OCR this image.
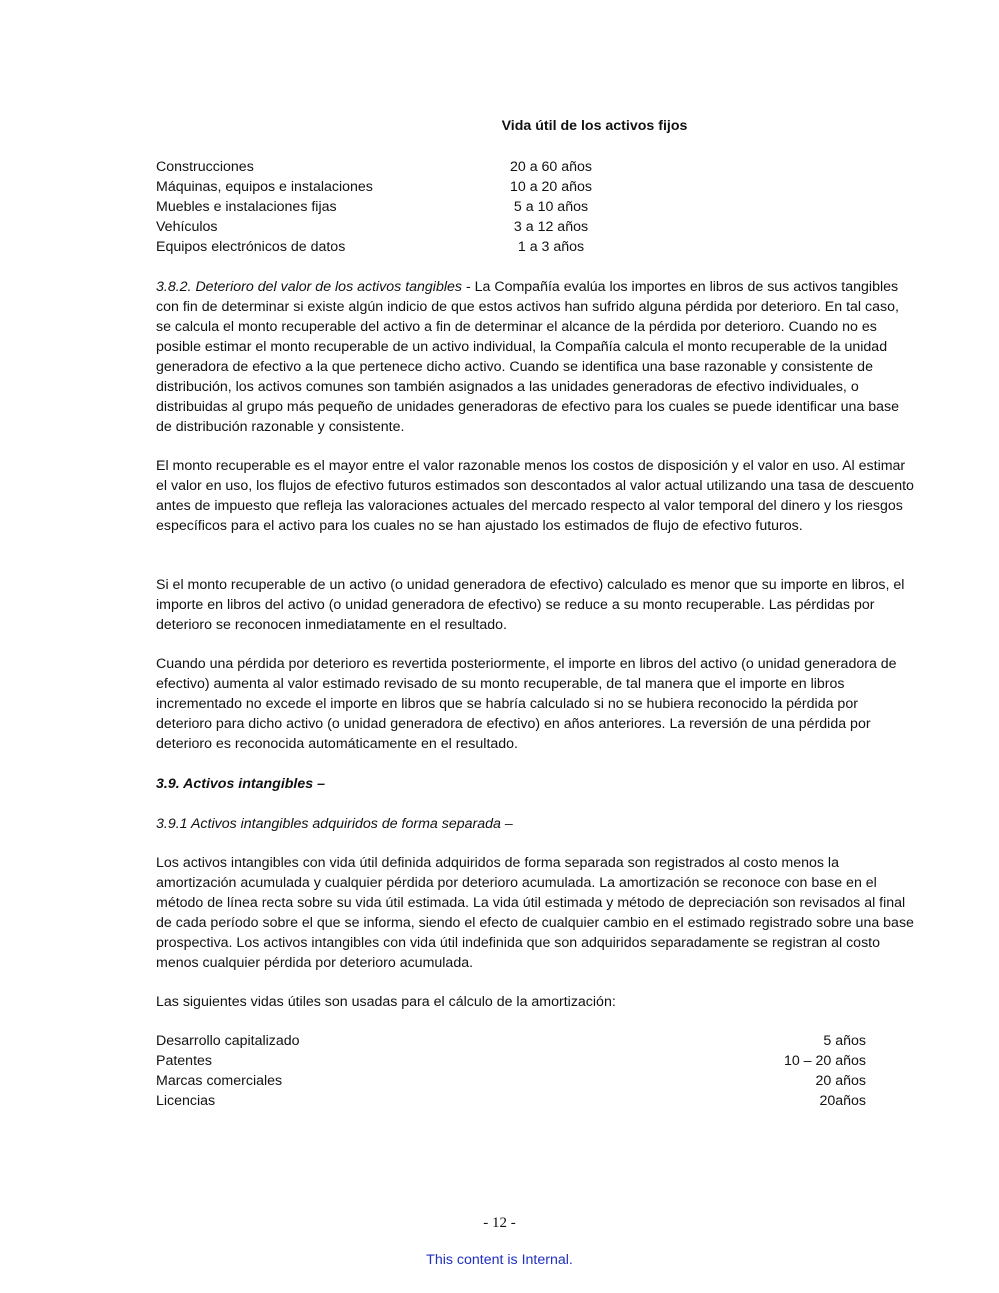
Vida útil de los activos fijos
Construcciones	20 a 60 años
Máquinas, equipos e instalaciones	10 a 20 años
Muebles e instalaciones fijas	5 a 10 años
Vehículos	3 a 12 años
Equipos electrónicos de datos	1 a 3 años
3.8.2. Deterioro del valor de los activos tangibles - La Compañía evalúa los importes en libros de sus activos tangibles con fin de determinar si existe algún indicio de que estos activos han sufrido alguna pérdida por deterioro. En tal caso, se calcula el monto recuperable del activo a fin de determinar el alcance de la pérdida por deterioro. Cuando no es posible estimar el monto recuperable de un activo individual, la Compañía calcula el monto recuperable de la unidad generadora de efectivo a la que pertenece dicho activo. Cuando se identifica una base razonable y consistente de distribución, los activos comunes son también asignados a las unidades generadoras de efectivo individuales, o distribuidas al grupo más pequeño de unidades generadoras de efectivo para los cuales se puede identificar una base de distribución razonable y consistente.
El monto recuperable es el mayor entre el valor razonable menos los costos de disposición y el valor en uso. Al estimar el valor en uso, los flujos de efectivo futuros estimados son descontados al valor actual utilizando una tasa de descuento antes de impuesto que refleja las valoraciones actuales del mercado respecto al valor temporal del dinero y los riesgos específicos para el activo para los cuales no se han ajustado los estimados de flujo de efectivo futuros.
Si el monto recuperable de un activo (o unidad generadora de efectivo) calculado es menor que su importe en libros, el importe en libros del activo (o unidad generadora de efectivo) se reduce a su monto recuperable. Las pérdidas por deterioro se reconocen inmediatamente en el resultado.
Cuando una pérdida por deterioro es revertida posteriormente, el importe en libros del activo (o unidad generadora de efectivo) aumenta al valor estimado revisado de su monto recuperable, de tal manera que el importe en libros incrementado no excede el importe en libros que se habría calculado si no se hubiera reconocido la pérdida por deterioro para dicho activo (o unidad generadora de efectivo) en años anteriores. La reversión de una pérdida por deterioro es reconocida automáticamente en el resultado.
3.9. Activos intangibles –
3.9.1 Activos intangibles adquiridos de forma separada –
Los activos intangibles con vida útil definida adquiridos de forma separada son registrados al costo menos la amortización acumulada y cualquier pérdida por deterioro acumulada. La amortización se reconoce con base en el método de línea recta sobre su vida útil estimada. La vida útil estimada y método de depreciación son revisados al final de cada período sobre el que se informa, siendo el efecto de cualquier cambio en el estimado registrado sobre una base prospectiva. Los activos intangibles con vida útil indefinida que son adquiridos separadamente se registran al costo menos cualquier pérdida por deterioro acumulada.
Las siguientes vidas útiles son usadas para el cálculo de la amortización:
Desarrollo capitalizado	5 años
Patentes	10 – 20 años
Marcas comerciales	20 años
Licencias	20años
- 12 -
This content is Internal.
